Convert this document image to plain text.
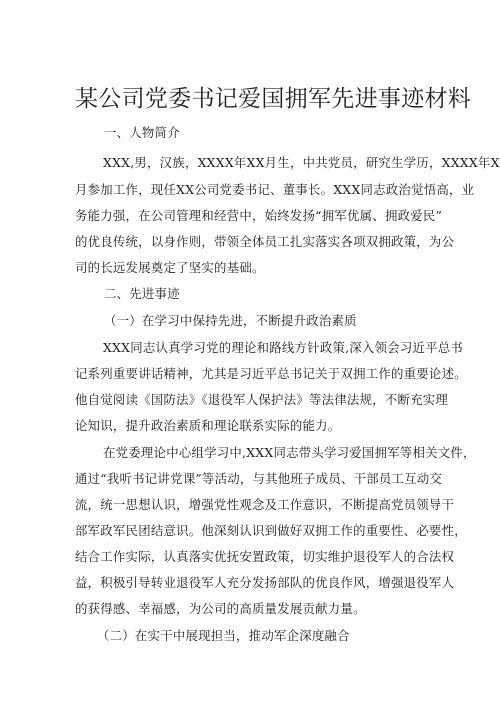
某公司党委书记爱国拥军先进事迹材料
一、人物简介
XXX,男，汉族，XXXX年XX月生，中共党员，研究生学历，XXXX年X
月参加工作，现任XX公司党委书记、董事长。XXX同志政治觉悟高，业
务能力强，在公司管理和经营中，始终发扬“拥军优属、拥政爱民”
的优良传统，以身作则，带领全体员工扎实落实各项双拥政策，为公
司的长远发展奠定了坚实的基础。
二、先进事迹
（一）在学习中保持先进，不断提升政治素质
XXX同志认真学习党的理论和路线方针政策,深入领会习近平总书
记系列重要讲话精神，尤其是习近平总书记关于双拥工作的重要论述。
他自觉阅读《国防法》《退役军人保护法》等法律法规，不断充实理
论知识，提升政治素质和理论联系实际的能力。
在党委理论中心组学习中,XXX同志带头学习爱国拥军等相关文件，
通过“我听书记讲党课”等活动，与其他班子成员、干部员工互动交
流，统一思想认识，增强党性观念及工作意识，不断提高党员领导干
部军政军民团结意识。他深刻认识到做好双拥工作的重要性、必要性，
结合工作实际，认真落实优抚安置政策，切实维护退役军人的合法权
益，积极引导转业退役军人充分发扬部队的优良作风，增强退役军人
的获得感、幸福感，为公司的高质量发展贡献力量。
（二）在实干中展现担当，推动军企深度融合
